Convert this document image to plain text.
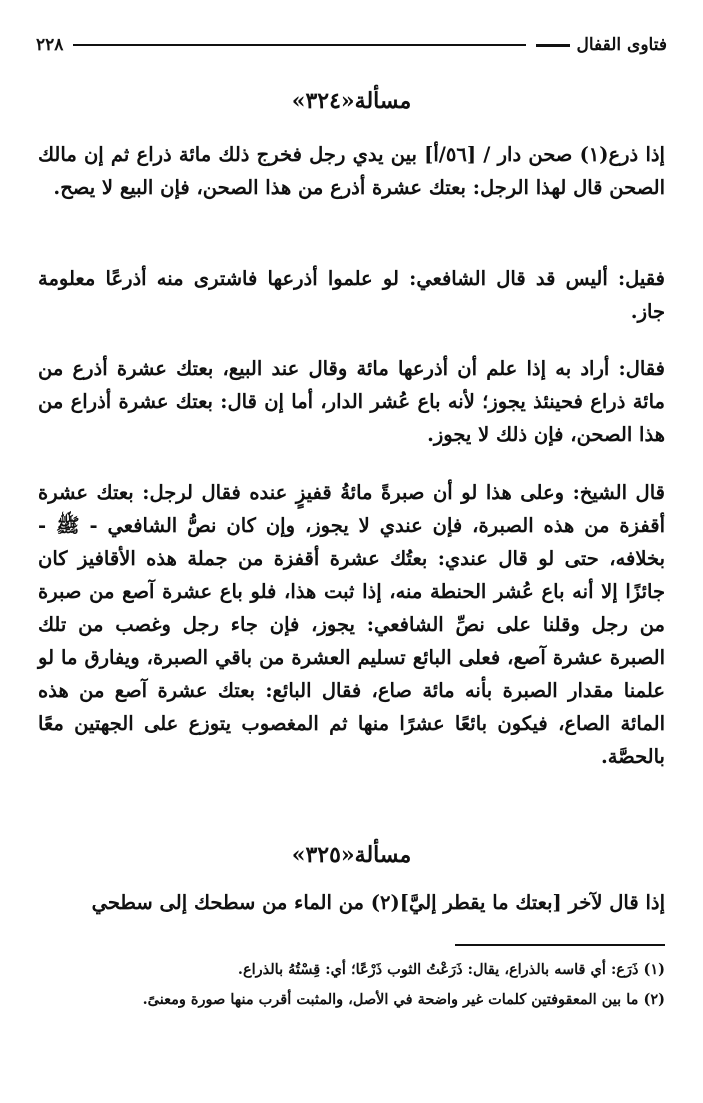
فتاوى القفال
٢٢٨
مسألة«٣٢٤»
إذا ذرع(١) صحن دار / [٥٦/أ] بين يدي رجل فخرج ذلك مائة ذراع ثم إن مالك الصحن قال لهذا الرجل: بعتك عشرة أذرع من هذا الصحن، فإن البيع لا يصح.
فقيل: أليس قد قال الشافعي: لو علموا أذرعها فاشترى منه أذرعًا معلومة جاز.
فقال: أراد به إذا علم أن أذرعها مائة وقال عند البيع، بعتك عشرة أذرع من مائة ذراع فحينئذ يجوز؛ لأنه باع عُشر الدار، أما إن قال: بعتك عشرة أذراع من هذا الصحن، فإن ذلك لا يجوز.
قال الشيخ: وعلى هذا لو أن صبرةً مائةُ قفيزٍ عنده فقال لرجل: بعتك عشرة أقفزة من هذه الصبرة، فإن عندي لا يجوز، وإن كان نصُّ الشافعي - ﷺ - بخلافه، حتى لو قال عندي: بعتُك عشرة أقفزة من جملة هذه الأقافيز كان جائزًا إلا أنه باع عُشر الحنطة منه، إذا ثبت هذا، فلو باع عشرة آصع من صبرة من رجل وقلنا على نصِّ الشافعي: يجوز، فإن جاء رجل وغصب من تلك الصبرة عشرة آصع، فعلى البائع تسليم العشرة من باقي الصبرة، ويفارق ما لو علمنا مقدار الصبرة بأنه مائة صاع، فقال البائع: بعتك عشرة آصع من هذه المائة الصاع، فيكون بائعًا عشرًا منها ثم المغصوب يتوزع على الجهتين معًا بالحصَّة.
مسألة«٣٢٥»
إذا قال لآخر [بعتك ما يقطر إليَّ](٢) من الماء من سطحك إلى سطحي
(١) ذَرَع: أي قاسه بالذراع، يقال: ذَرَعْتُ الثوب ذَرْعًا؛ أي: قِسْتُهُ بالذراع.
(٢) ما بين المعقوفتين كلمات غير واضحة في الأصل، والمثبت أقرب منها صورة ومعنىً.
